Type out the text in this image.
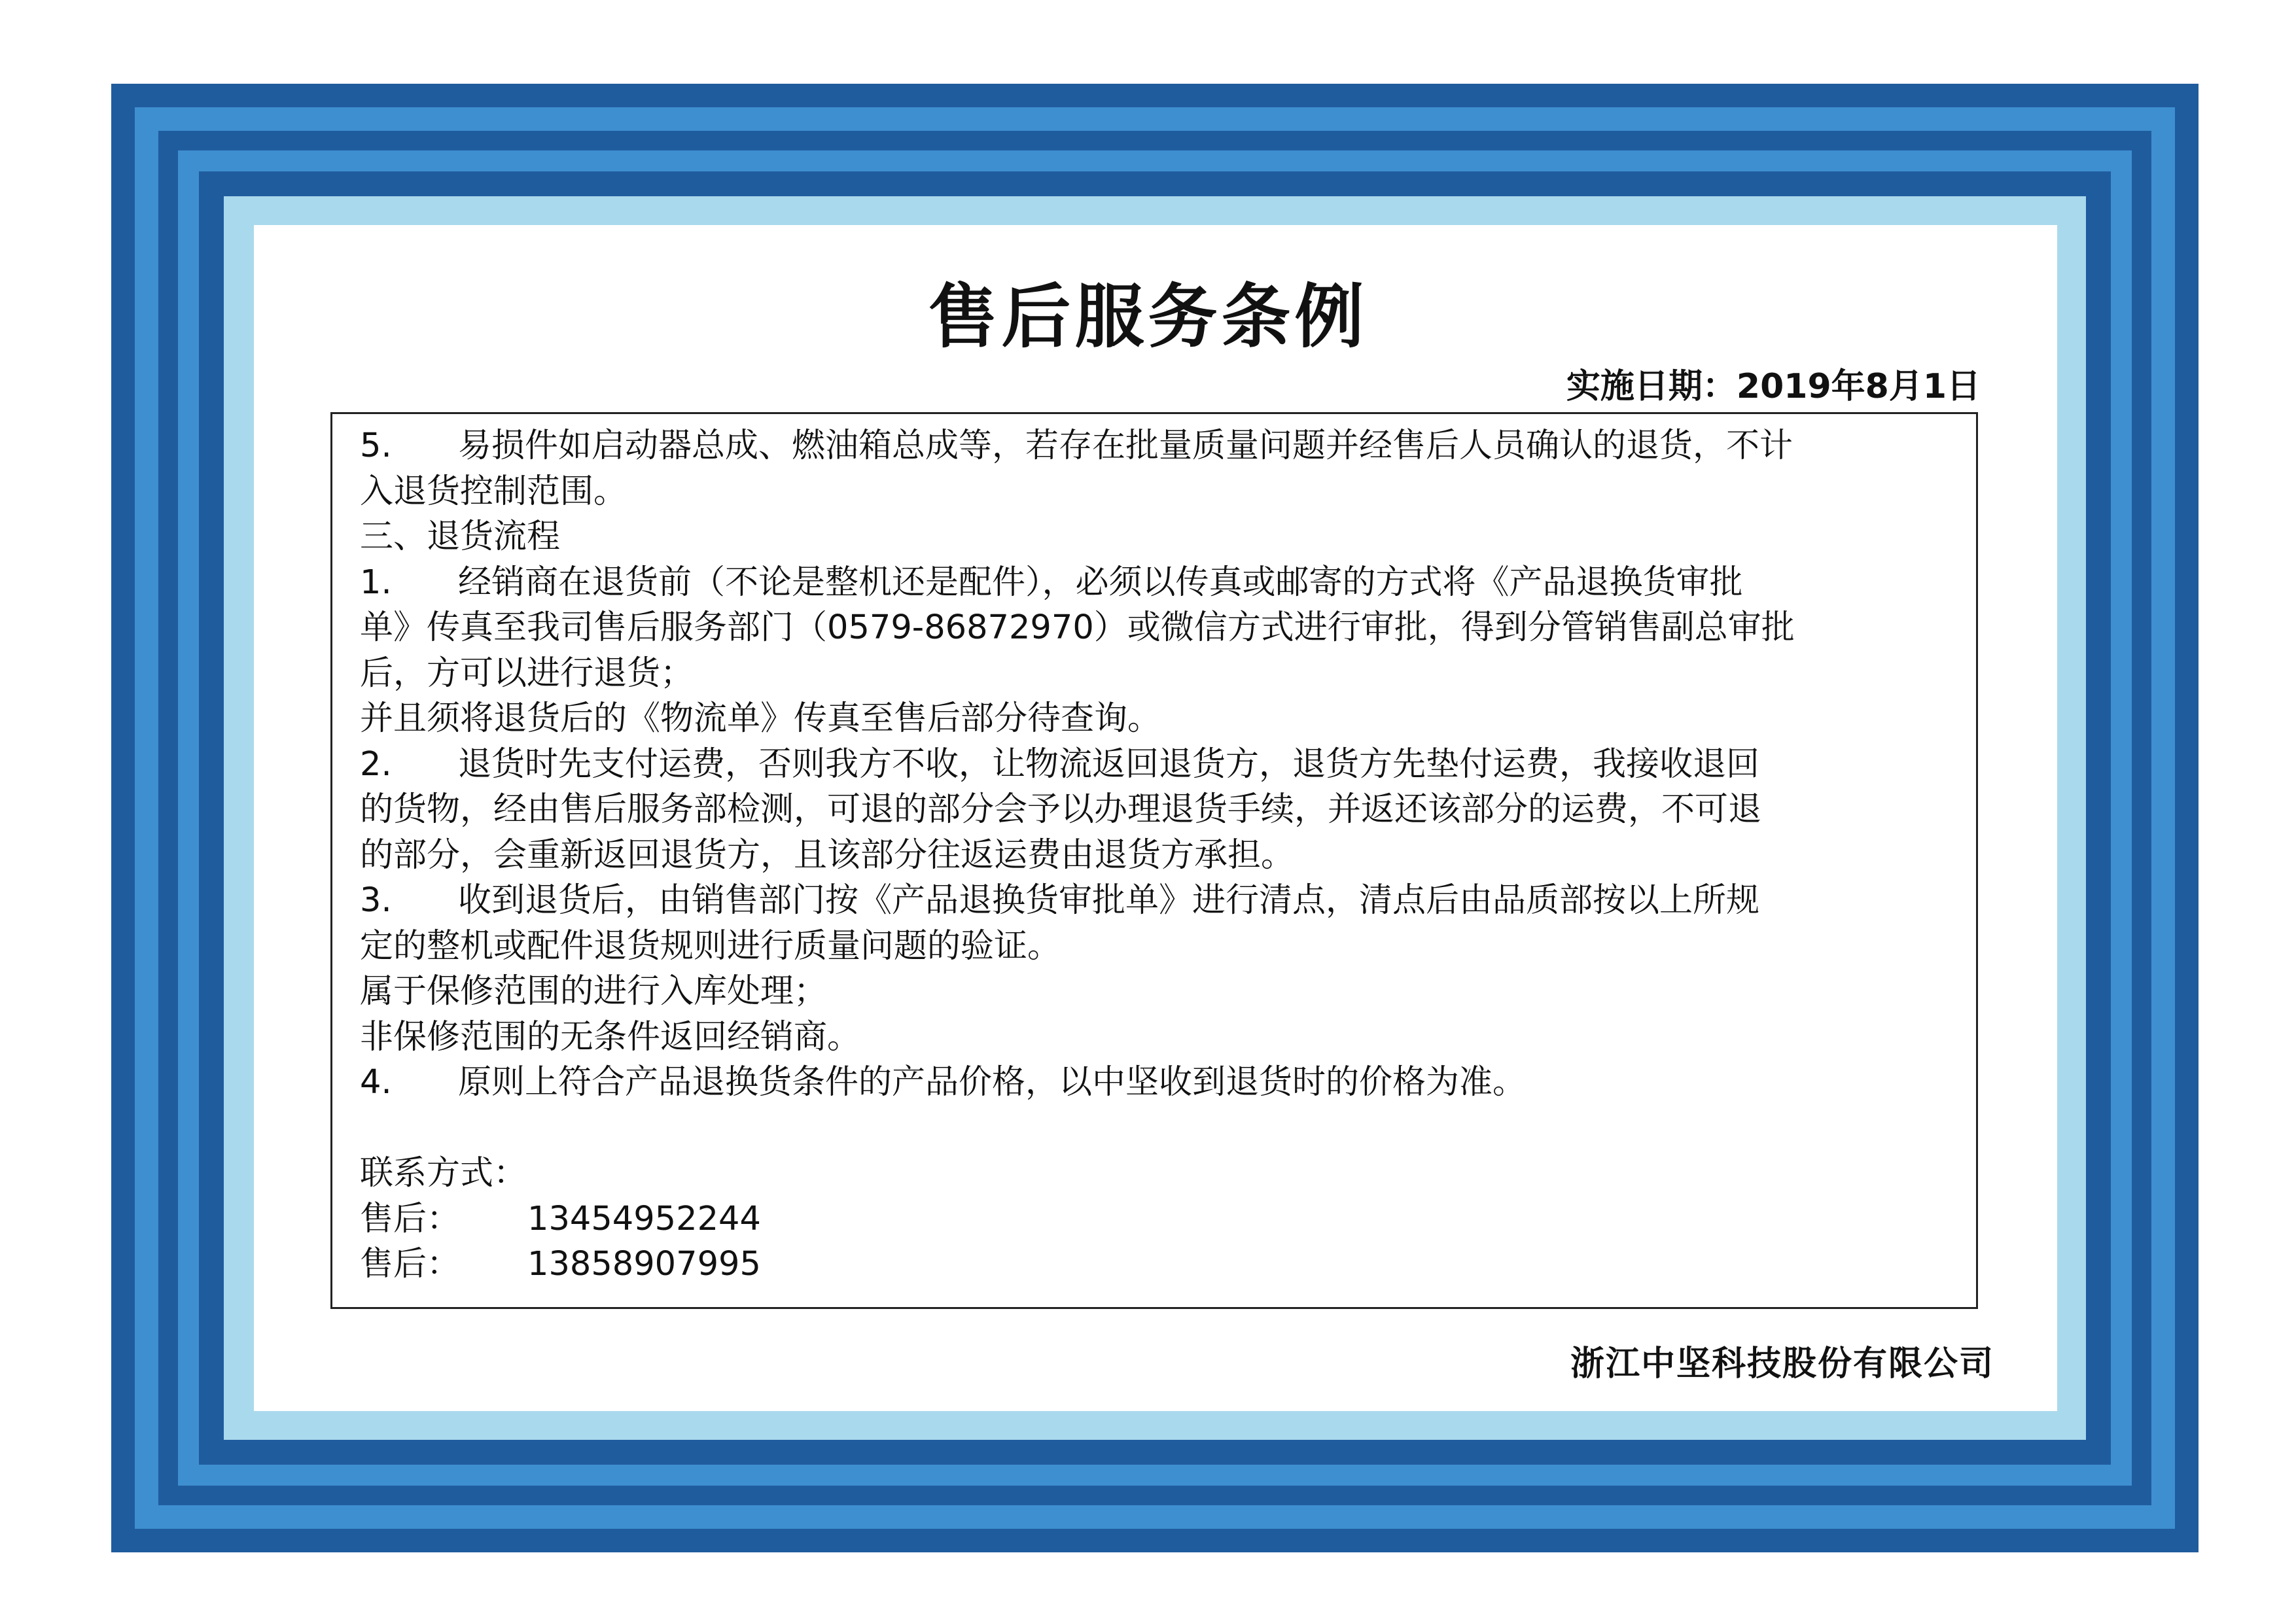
售后服务条例
实施日期：2019年8月1日
5. 易损件如启动器总成、燃油箱总成等，若存在批量质量问题并经售后人员确认的退货，不计
入退货控制范围。
三、退货流程
1. 经销商在退货前（不论是整机还是配件），必须以传真或邮寄的方式将《产品退换货审批
单》传真至我司售后服务部门（0579-86872970）或微信方式进行审批，得到分管销售副总审批
后，方可以进行退货；
并且须将退货后的《物流单》传真至售后部分待查询。
2. 退货时先支付运费，否则我方不收，让物流返回退货方，退货方先垫付运费，我接收退回
的货物，经由售后服务部检测，可退的部分会予以办理退货手续，并返还该部分的运费，不可退
的部分，会重新返回退货方，且该部分往返运费由退货方承担。
3. 收到退货后，由销售部门按《产品退换货审批单》进行清点，清点后由品质部按以上所规
定的整机或配件退货规则进行质量问题的验证。
属于保修范围的进行入库处理；
非保修范围的无条件返回经销商。
4. 原则上符合产品退换货条件的产品价格，以中坚收到退货时的价格为准。
联系方式：
售后： 13454952244
售后： 13858907995
浙江中坚科技股份有限公司
